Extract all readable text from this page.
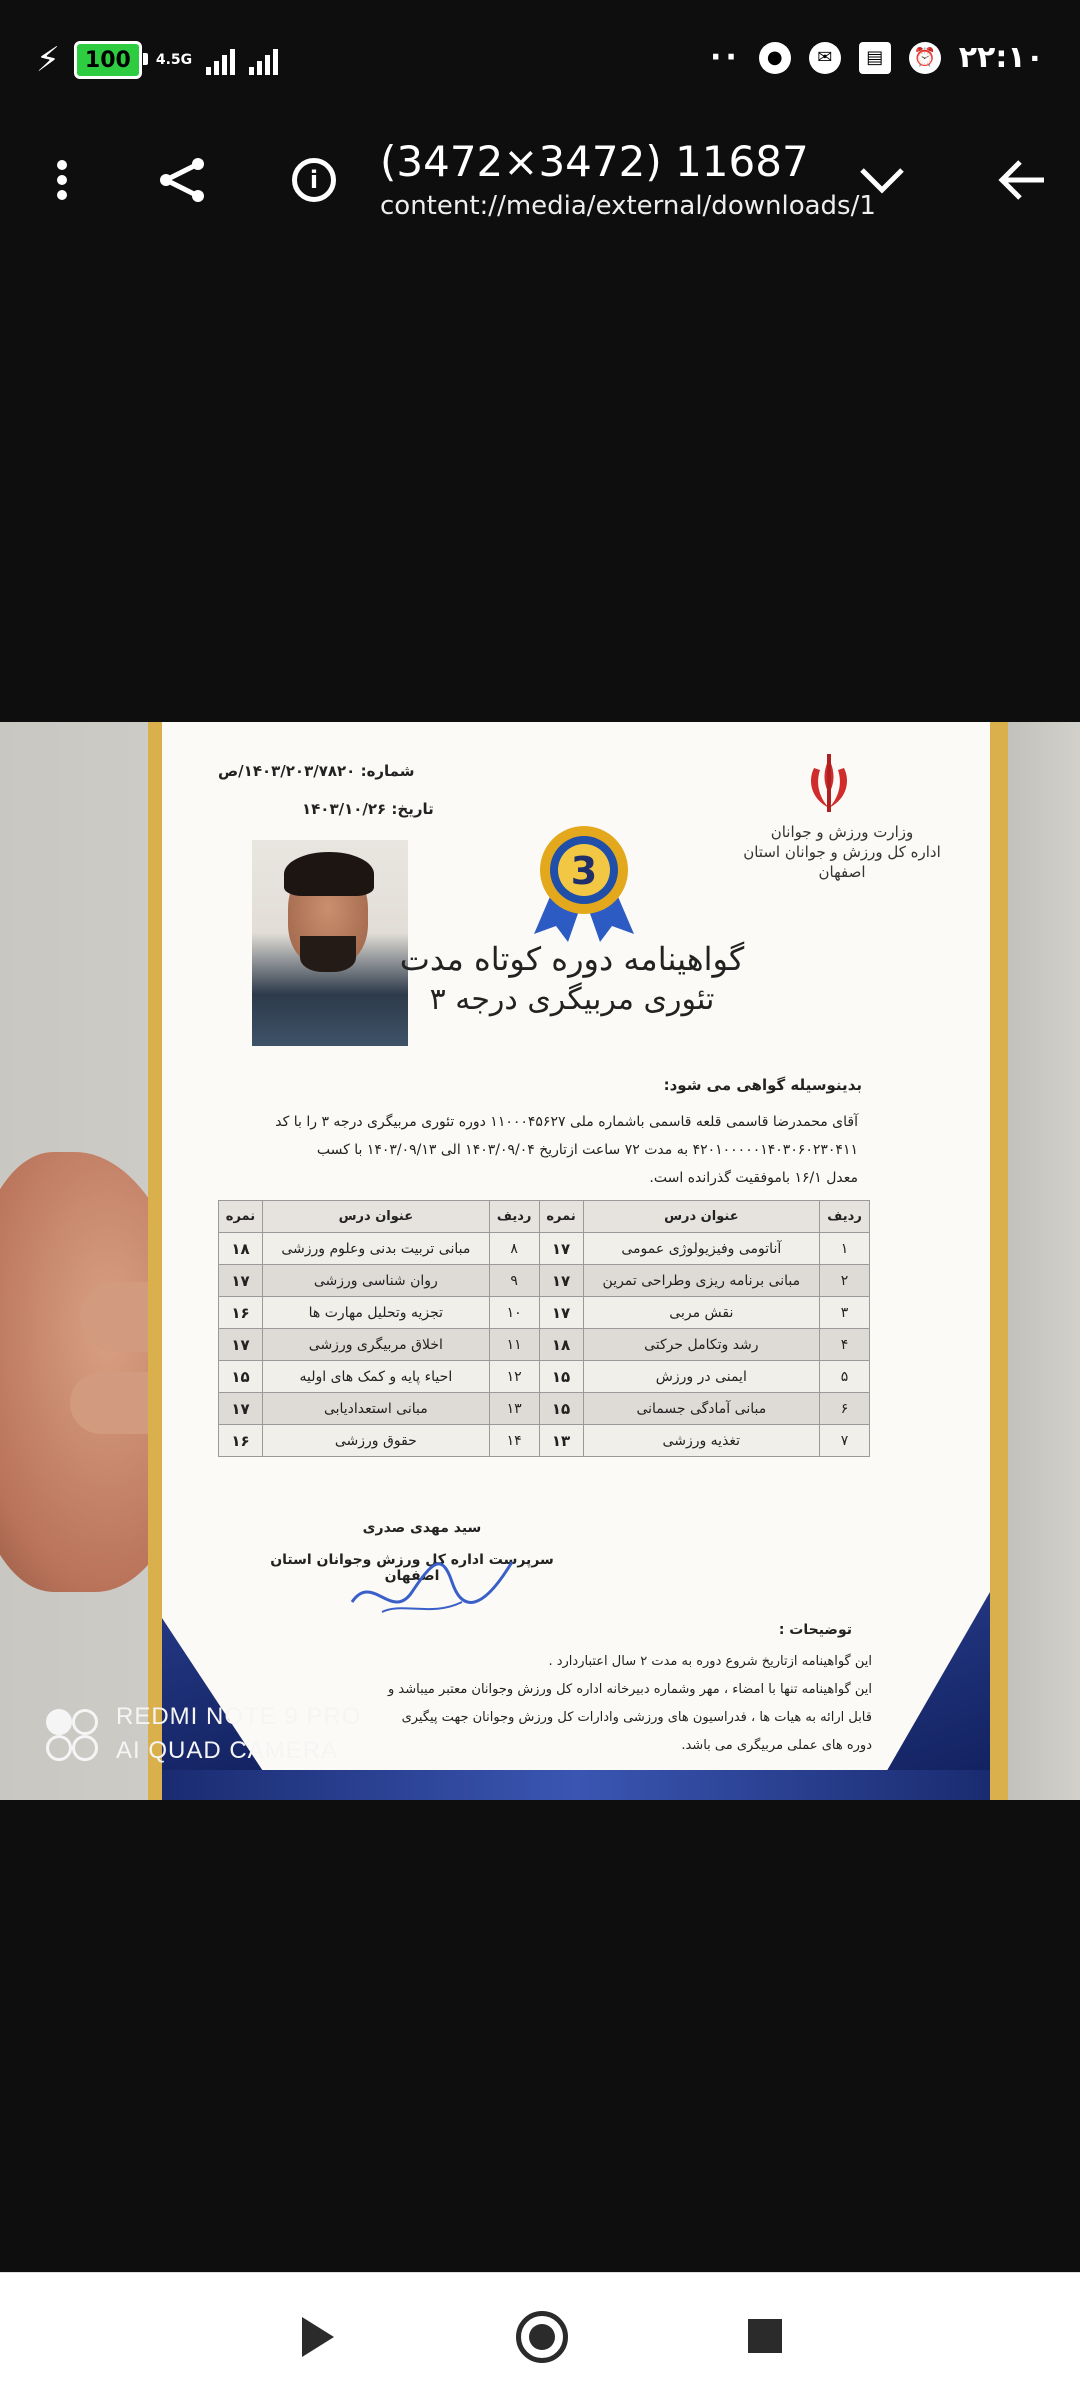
⚡	100	4.5G	··	●	✉	▤	⏰ ۲۲:۱۰
i	(3472×3472) 11687
content://media/external/downloads/1
وزارت ورزش و جوانان
اداره کل ورزش و جوانان استان اصفهان
شماره: ۱۴۰۳/۲۰۳/۷۸۲۰/ص
تاریخ: ۱۴۰۳/۱۰/۲۶
3
گواهینامه دوره کوتاه مدت
تئوری مربیگری درجه ۳
بدینوسیله گواهی می شود:
آقای محمدرضا قاسمی قلعه قاسمی باشماره ملی ۱۱۰۰۰۴۵۶۲۷ دوره تئوری مربیگری درجه ۳ را با کد
۴۲۰۱۰۰۰۰۰۱۴۰۳۰۶۰۲۳۰۴۱۱ به مدت ۷۲ ساعت ازتاریخ ۱۴۰۳/۰۹/۰۴ الی ۱۴۰۳/۰۹/۱۳ با کسب
معدل ۱۶/۱ باموفقیت گذرانده است.
ردیف	عنوان درس	نمره	ردیف	عنوان درس	نمره
۱	آناتومی وفیزیولوژی عمومی	۱۷	۸	مبانی تربیت بدنی وعلوم ورزشی	۱۸
۲	مبانی برنامه ریزی وطراحی تمرین	۱۷	۹	روان شناسی ورزشی	۱۷
۳	نقش مربی	۱۷	۱۰	تجزیه وتحلیل مهارت ها	۱۶
۴	رشد وتکامل حرکتی	۱۸	۱۱	اخلاق مربیگری ورزشی	۱۷
۵	ایمنی در ورزش	۱۵	۱۲	احیاء پایه و کمک های اولیه	۱۵
۶	مبانی آمادگی جسمانی	۱۵	۱۳	مبانی استعدادیابی	۱۷
۷	تغذیه ورزشی	۱۳	۱۴	حقوق ورزشی	۱۶
سید مهدی صدری
سرپرست اداره کل ورزش وجوانان استان اصفهان
توضیحات :

این گواهینامه ازتاریخ شروع دوره به مدت ۲ سال اعتباردارد .

این گواهینامه تنها با امضاء ، مهر وشماره دبیرخانه اداره کل ورزش وجوانان معتبر میباشد و

قابل ارائه به هیات ها ، فدراسیون های ورزشی وادارات کل ورزش وجوانان جهت پیگیری

دوره های عملی مربیگری می باشد.

REDMI NOTE 9 PRO
AI QUAD CAMERA
